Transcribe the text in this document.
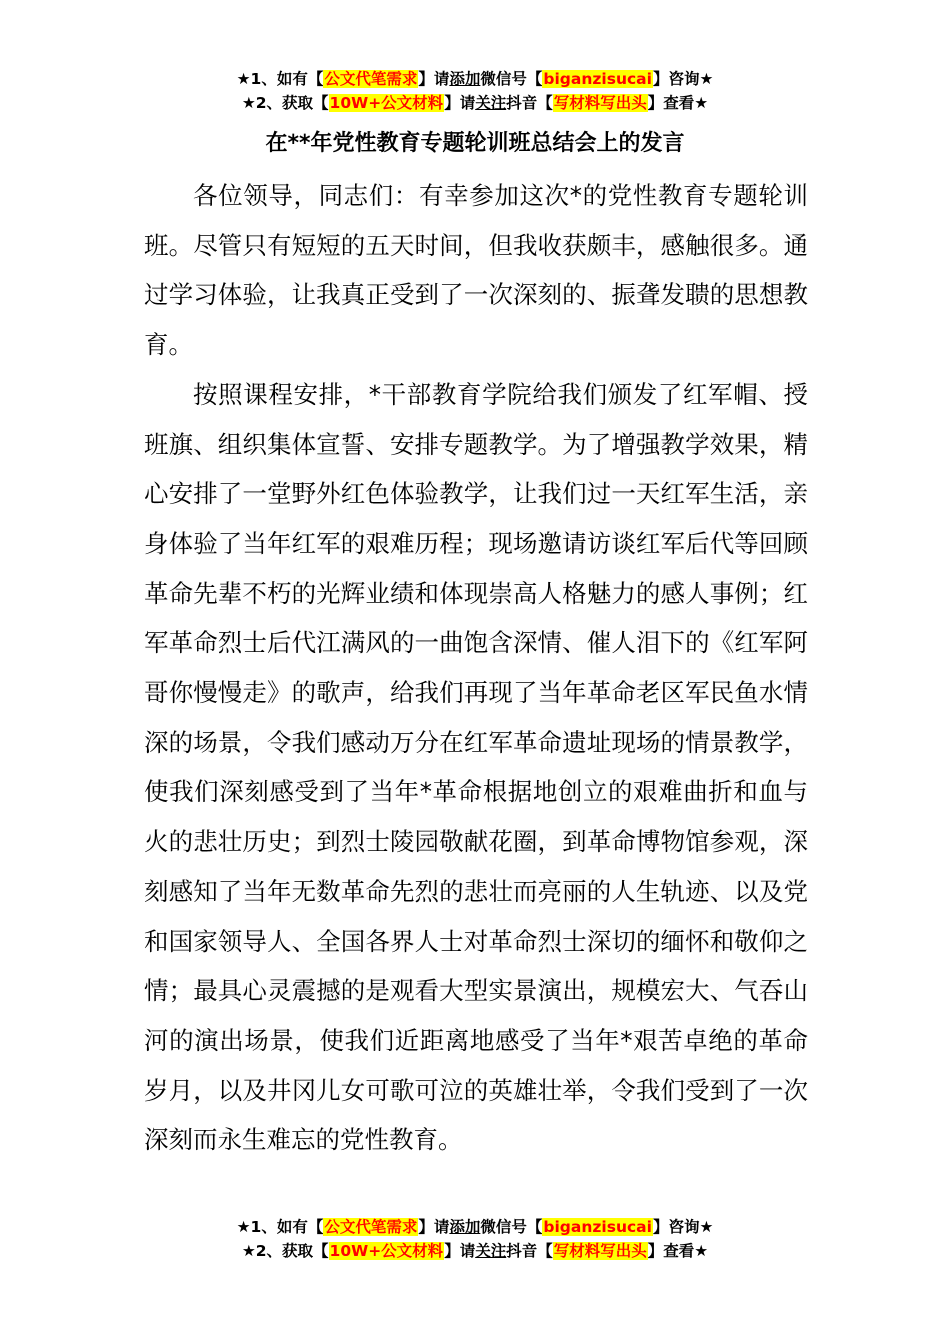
★1、如有【公文代笔需求】请添加微信号【biganzisucai】咨询★
★2、获取【10W+公文材料】请关注抖音【写材料写出头】查看★
在**年党性教育专题轮训班总结会上的发言

各位领导，同志们：有幸参加这次*的党性教育专题轮训班。尽管只有短短的五天时间，但我收获颇丰，感触很多。通过学习体验，让我真正受到了一次深刻的、振聋发聩的思想教育。

按照课程安排，*干部教育学院给我们颁发了红军帽、授班旗、组织集体宣誓、安排专题教学。为了增强教学效果，精心安排了一堂野外红色体验教学，让我们过一天红军生活，亲身体验了当年红军的艰难历程；现场邀请访谈红军后代等回顾革命先辈不朽的光辉业绩和体现崇高人格魅力的感人事例；红军革命烈士后代江满风的一曲饱含深情、催人泪下的《红军阿哥你慢慢走》的歌声，给我们再现了当年革命老区军民鱼水情深的场景，令我们感动万分在红军革命遗址现场的情景教学，使我们深刻感受到了当年*革命根据地创立的艰难曲折和血与火的悲壮历史；到烈士陵园敬献花圈，到革命博物馆参观，深刻感知了当年无数革命先烈的悲壮而亮丽的人生轨迹、以及党和国家领导人、全国各界人士对革命烈士深切的缅怀和敬仰之情；最具心灵震撼的是观看大型实景演出，规模宏大、气吞山河的演出场景，使我们近距离地感受了当年*艰苦卓绝的革命岁月，以及井冈儿女可歌可泣的英雄壮举，令我们受到了一次深刻而永生难忘的党性教育。

★1、如有【公文代笔需求】请添加微信号【biganzisucai】咨询★
★2、获取【10W+公文材料】请关注抖音【写材料写出头】查看★
